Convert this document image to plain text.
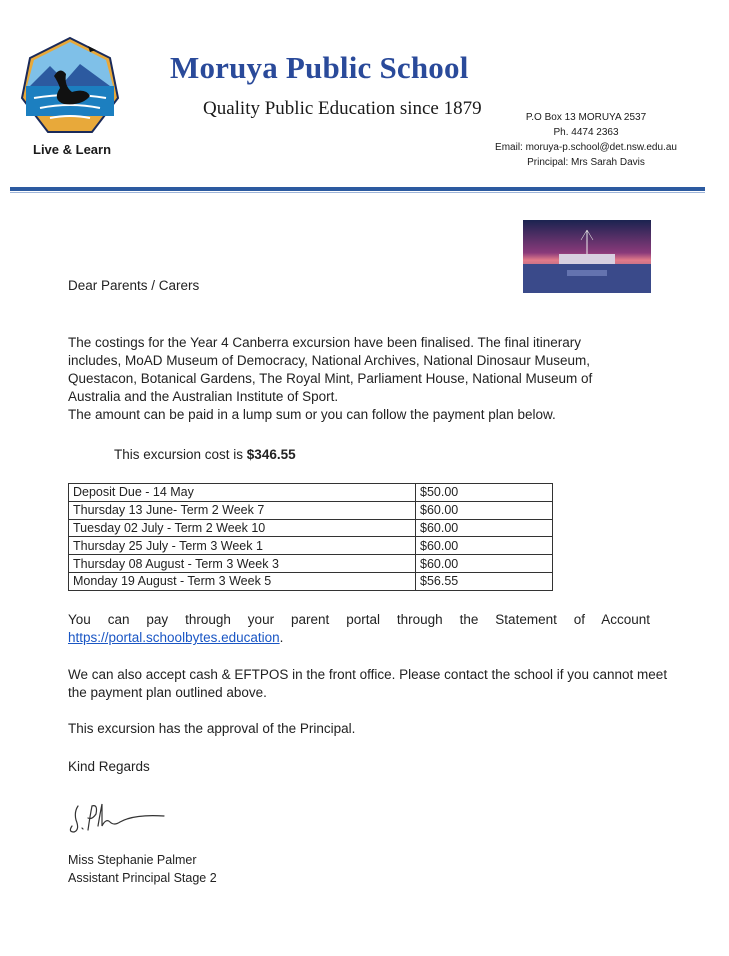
Live & Learn
Moruya Public School
Quality Public Education since 1879	P.O Box 13 MORUYA 2537
Ph. 4474 2363
Email: moruya-p.school@det.nsw.edu.au
Principal: Mrs Sarah Davis
Dear Parents / Carers
The costings for the Year 4 Canberra excursion have been finalised. The final itinerary
includes, MoAD Museum of Democracy, National Archives, National Dinosaur Museum,
Questacon, Botanical Gardens, The Royal Mint, Parliament House, National Museum of
Australia and the Australian Institute of Sport.
The amount can be paid in a lump sum or you can follow the payment plan below.
This excursion cost is $346.55
Deposit Due - 14 May	$50.00
Thursday 13 June- Term 2 Week 7	$60.00
Tuesday 02 July - Term 2 Week 10	$60.00
Thursday 25 July - Term 3 Week 1	$60.00
Thursday 08 August - Term 3 Week 3	$60.00
Monday 19 August - Term 3 Week 5	$56.55
You can pay through your parent portal through the Statement of Account https://portal.schoolbytes.education.
We can also accept cash & EFTPOS in the front office. Please contact the school if you cannot meet the payment plan outlined above.
This excursion has the approval of the Principal.
Kind Regards
Miss Stephanie Palmer
Assistant Principal Stage 2
